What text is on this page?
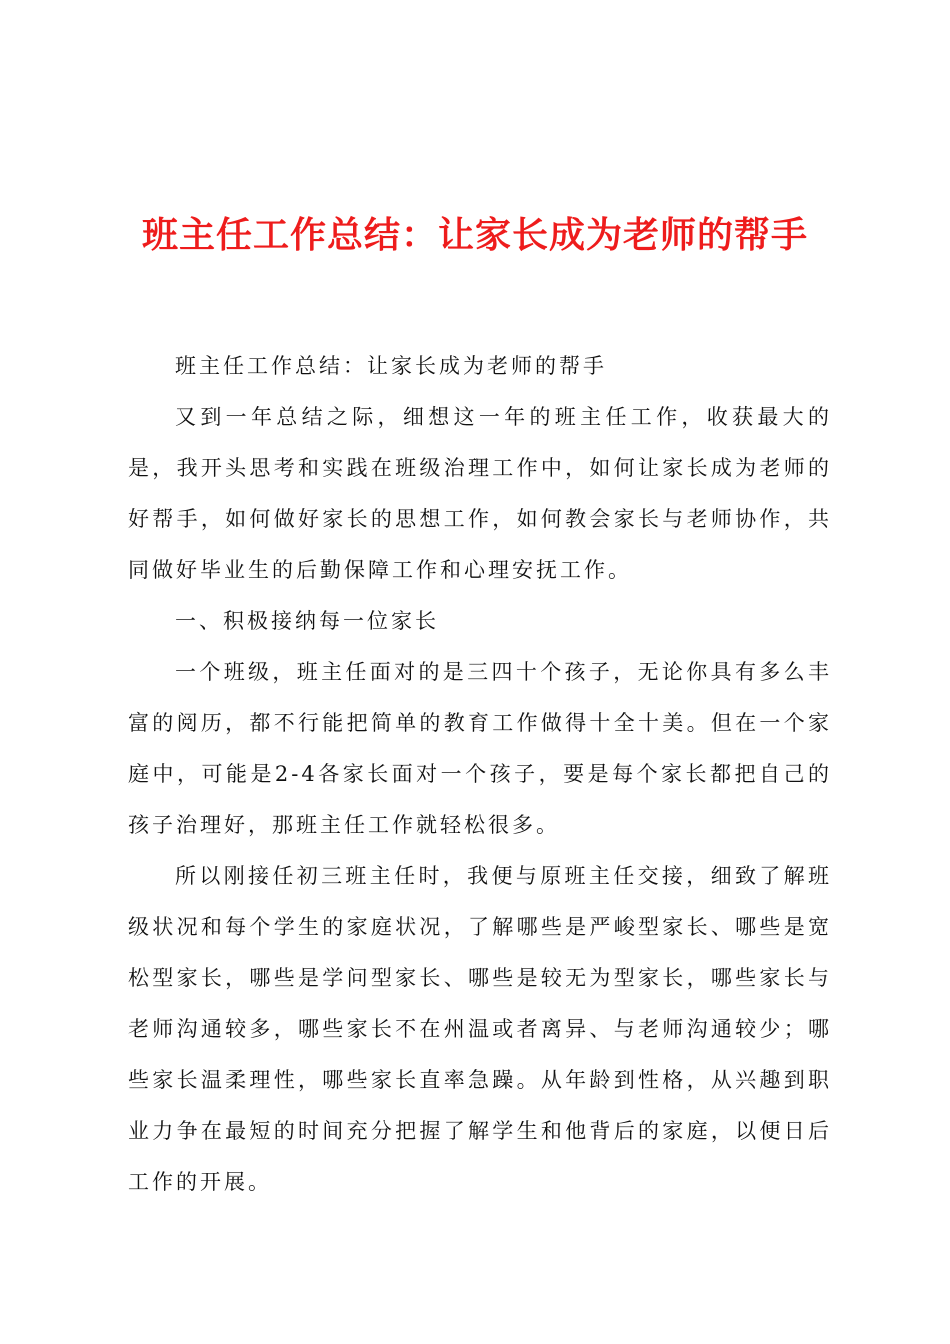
班主任工作总结：让家长成为老师的帮手

班主任工作总结：让家长成为老师的帮手

又到一年总结之际，细想这一年的班主任工作，收获最大的是，我开头思考和实践在班级治理工作中，如何让家长成为老师的好帮手，如何做好家长的思想工作，如何教会家长与老师协作，共同做好毕业生的后勤保障工作和心理安抚工作。

一、积极接纳每一位家长

一个班级，班主任面对的是三四十个孩子，无论你具有多么丰富的阅历，都不行能把简单的教育工作做得十全十美。但在一个家庭中，可能是2-4各家长面对一个孩子，要是每个家长都把自己的孩子治理好，那班主任工作就轻松很多。

所以刚接任初三班主任时，我便与原班主任交接，细致了解班级状况和每个学生的家庭状况，了解哪些是严峻型家长、哪些是宽松型家长，哪些是学问型家长、哪些是较无为型家长，哪些家长与老师沟通较多，哪些家长不在州温或者离异、与老师沟通较少；哪些家长温柔理性，哪些家长直率急躁。从年龄到性格，从兴趣到职业力争在最短的时间充分把握了解学生和他背后的家庭，以便日后工作的开展。
